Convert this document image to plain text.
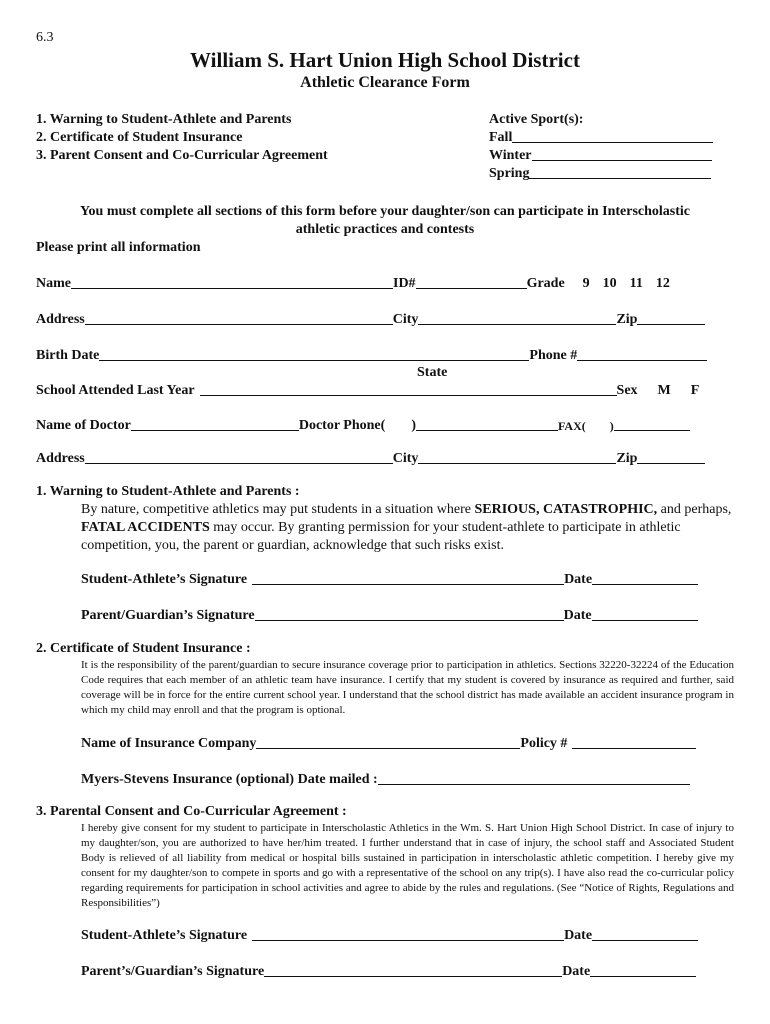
6.3
William S. Hart Union High School District
Athletic Clearance Form
1. Warning to Student-Athlete and Parents
2. Certificate of Student Insurance
3. Parent Consent and Co-Curricular Agreement
Active Sport(s):
Fall
Winter
Spring
You must complete all sections of this form before your daughter/son can participate in Interscholastic
athletic practices and contests
Please print all information
Name	ID#	Grade 9 10 11 12
Address	City	Zip
Birth Date	Phone #
State
School Attended Last Year	Sex M F
Name of Doctor	Doctor Phone( )	FAX( )
Address	City	Zip
1. Warning to Student-Athlete and Parents :
By nature, competitive athletics may put students in a situation where SERIOUS, CATASTROPHIC, and perhaps, FATAL ACCIDENTS may occur. By granting permission for your student-athlete to participate in athletic competition, you, the parent or guardian, acknowledge that such risks exist.
Student-Athlete’s Signature	Date
Parent/Guardian’s Signature	Date
2. Certificate of Student Insurance :
It is the responsibility of the parent/guardian to secure insurance coverage prior to participation in athletics. Sections 32220-32224 of the Education Code requires that each member of an athletic team have insurance. I certify that my student is covered by insurance as required and further, said coverage will be in force for the entire current school year. I understand that the school district has made available an accident insurance program in which my child may enroll and that the program is optional.
Name of Insurance Company	Policy #
Myers-Stevens Insurance (optional) Date mailed :
3. Parental Consent and Co-Curricular Agreement :
I hereby give consent for my student to participate in Interscholastic Athletics in the Wm. S. Hart Union High School District. In case of injury to my daughter/son, you are authorized to have her/him treated. I further understand that in case of injury, the school staff and Associated Student Body is relieved of all liability from medical or hospital bills sustained in participation in interscholastic athletic competition. I hereby give my consent for my daughter/son to compete in sports and go with a representative of the school on any trip(s). I have also read the co-curricular policy regarding requirements for participation in school activities and agree to abide by the rules and regulations. (See “Notice of Rights, Regulations and Responsibilities”)
Student-Athlete’s Signature	Date
Parent’s/Guardian’s Signature	Date
